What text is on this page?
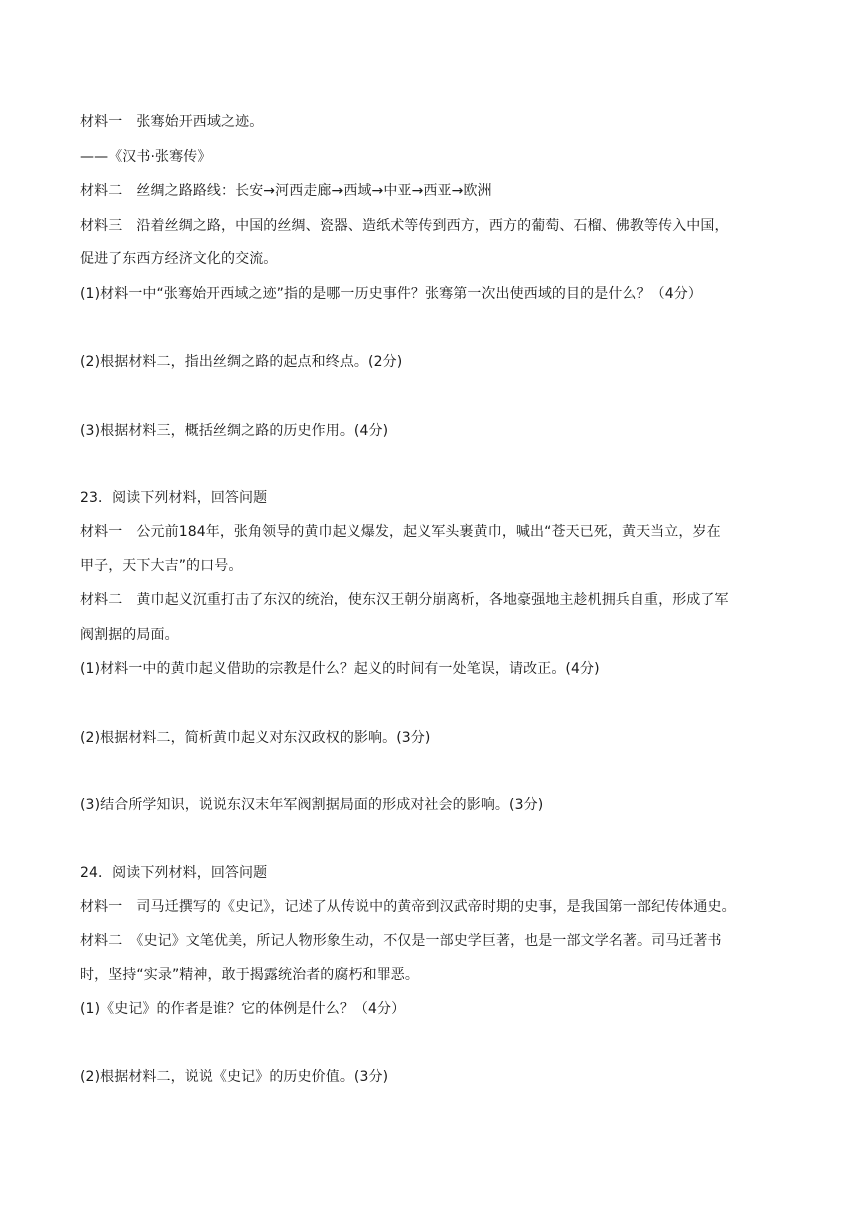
材料一　张骞始开西域之迹。
——《汉书·张骞传》
材料二　丝绸之路路线：长安→河西走廊→西域→中亚→西亚→欧洲
材料三　沿着丝绸之路，中国的丝绸、瓷器、造纸术等传到西方，西方的葡萄、石榴、佛教等传入中国，
促进了东西方经济文化的交流。
(1)材料一中“张骞始开西域之迹”指的是哪一历史事件？张骞第一次出使西域的目的是什么？（4分）
(2)根据材料二，指出丝绸之路的起点和终点。(2分)
(3)根据材料三，概括丝绸之路的历史作用。(4分)
23．阅读下列材料，回答问题
材料一　公元前184年，张角领导的黄巾起义爆发，起义军头裹黄巾，喊出“苍天已死，黄天当立，岁在
甲子，天下大吉”的口号。
材料二　黄巾起义沉重打击了东汉的统治，使东汉王朝分崩离析，各地豪强地主趁机拥兵自重，形成了军
阀割据的局面。
(1)材料一中的黄巾起义借助的宗教是什么？起义的时间有一处笔误，请改正。(4分)
(2)根据材料二，简析黄巾起义对东汉政权的影响。(3分)
(3)结合所学知识，说说东汉末年军阀割据局面的形成对社会的影响。(3分)
24．阅读下列材料，回答问题
材料一　司马迁撰写的《史记》，记述了从传说中的黄帝到汉武帝时期的史事，是我国第一部纪传体通史。
材料二　《史记》文笔优美，所记人物形象生动，不仅是一部史学巨著，也是一部文学名著。司马迁著书
时，坚持“实录”精神，敢于揭露统治者的腐朽和罪恶。
(1)《史记》的作者是谁？它的体例是什么？（4分）
(2)根据材料二，说说《史记》的历史价值。(3分)
